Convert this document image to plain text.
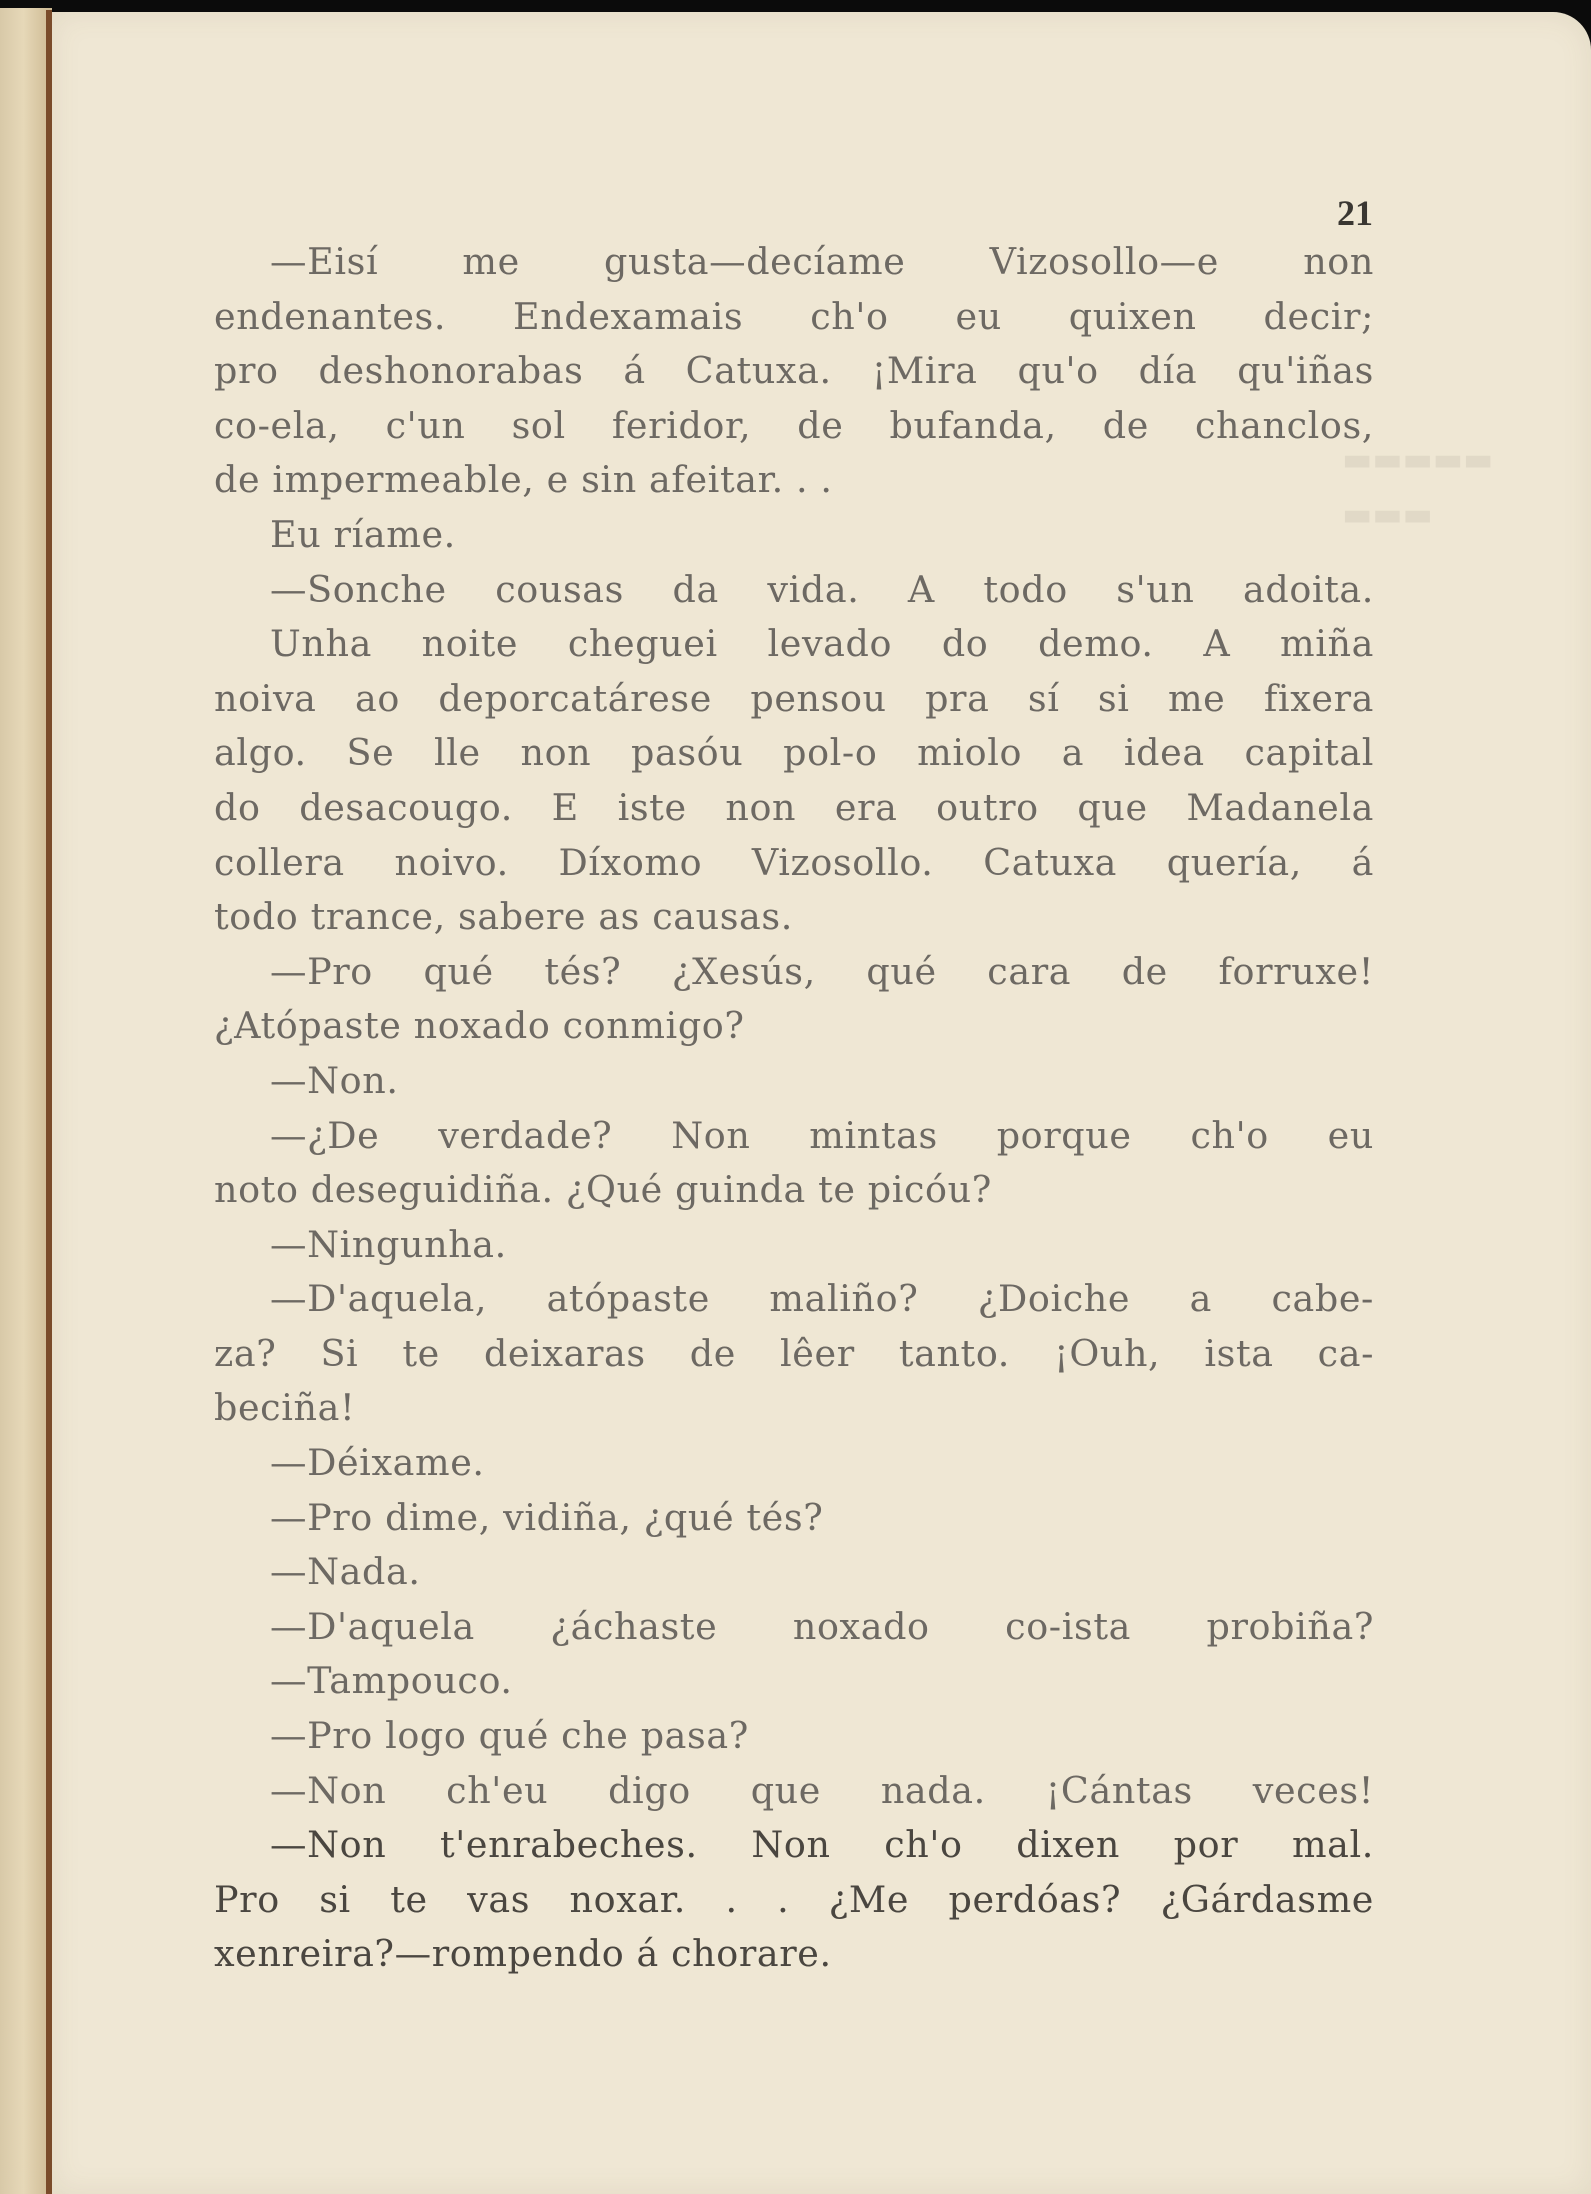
▬▬▬▬▬
▬▬▬
21
—Eisí me gusta—decíame Vizosollo—e non
endenantes. Endexamais ch'o eu quixen decir;
pro deshonorabas á Catuxa. ¡Mira qu'o día qu'iñas
co-ela, c'un sol feridor, de bufanda, de chanclos,
de impermeable, e sin afeitar. . .
Eu ríame.
—Sonche cousas da vida. A todo s'un adoita.
Unha noite cheguei levado do demo. A miña
noiva ao deporcatárese pensou pra sí si me fixera
algo. Se lle non pasóu pol-o miolo a idea capital
do desacougo. E iste non era outro que Madanela
collera noivo. Díxomo Vizosollo. Catuxa quería, á
todo trance, sabere as causas.
—Pro qué tés? ¿Xesús, qué cara de forruxe!
¿Atópaste noxado conmigo?
—Non.
—¿De verdade? Non mintas porque ch'o eu
noto deseguidiña. ¿Qué guinda te picóu?
—Ningunha.
—D'aquela, atópaste maliño? ¿Doiche a cabe-
za? Si te deixaras de lêer tanto. ¡Ouh, ista ca-
beciña!
—Déixame.
—Pro dime, vidiña, ¿qué tés?
—Nada.
—D'aquela ¿áchaste noxado co-ista probiña?
—Tampouco.
—Pro logo qué che pasa?
—Non ch'eu digo que nada. ¡Cántas veces!
—Non t'enrabeches. Non ch'o dixen por mal.
Pro si te vas noxar. . . ¿Me perdóas? ¿Gárdasme
xenreira?—rompendo á chorare.
